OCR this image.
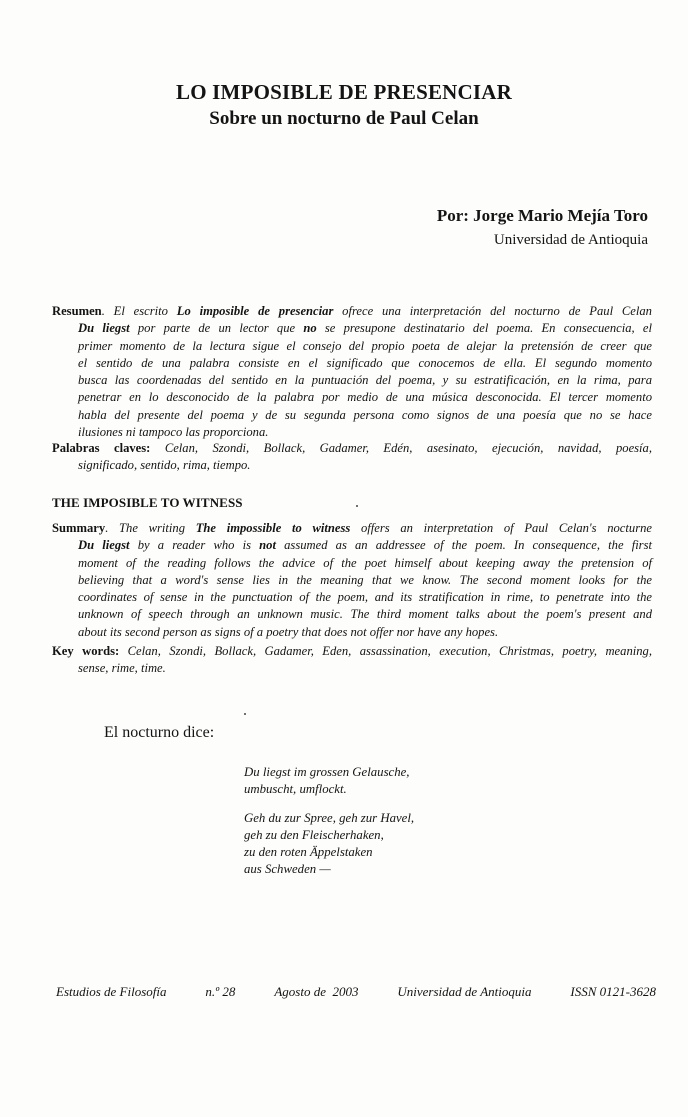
LO IMPOSIBLE DE PRESENCIAR
Sobre un nocturno de Paul Celan
Por: Jorge Mario Mejía Toro
Universidad de Antioquia
Resumen. El escrito Lo imposible de presenciar ofrece una interpretación del nocturno de Paul Celan
Du liegst por parte de un lector que no se presupone destinatario del poema. En consecuencia, el
primer momento de la lectura sigue el consejo del propio poeta de alejar la pretensión de creer que
el sentido de una palabra consiste en el significado que conocemos de ella. El segundo momento
busca las coordenadas del sentido en la puntuación del poema, y su estratificación, en la rima, para
penetrar en lo desconocido de la palabra por medio de una música desconocida. El tercer momento
habla del presente del poema y de su segunda persona como signos de una poesía que no se hace
ilusiones ni tampoco las proporciona.
Palabras claves: Celan, Szondi, Bollack, Gadamer, Edén, asesinato, ejecución, navidad, poesía,
significado, sentido, rima, tiempo.
THE IMPOSIBLE TO WITNESS
Summary. The writing The impossible to witness offers an interpretation of Paul Celan's nocturne
Du liegst by a reader who is not assumed as an addressee of the poem. In consequence, the first
moment of the reading follows the advice of the poet himself about keeping away the pretension of
believing that a word's sense lies in the meaning that we know. The second moment looks for the
coordinates of sense in the punctuation of the poem, and its stratification in rime, to penetrate into the
unknown of speech through an unknown music. The third moment talks about the poem's present and
about its second person as signs of a poetry that does not offer nor have any hopes.
Key words: Celan, Szondi, Bollack, Gadamer, Eden, assassination, execution, Christmas, poetry, meaning,
sense, rime, time.
El nocturno dice:
Du liegst im grossen Gelausche,
umbuscht, umflockt.
Geh du zur Spree, geh zur Havel,
geh zu den Fleischerhaken,
zu den roten Äppelstaken
aus Schweden —
Estudios de Filosofía	n.º 28	Agosto de  2003	Universidad de Antioquia	ISSN 0121-3628
